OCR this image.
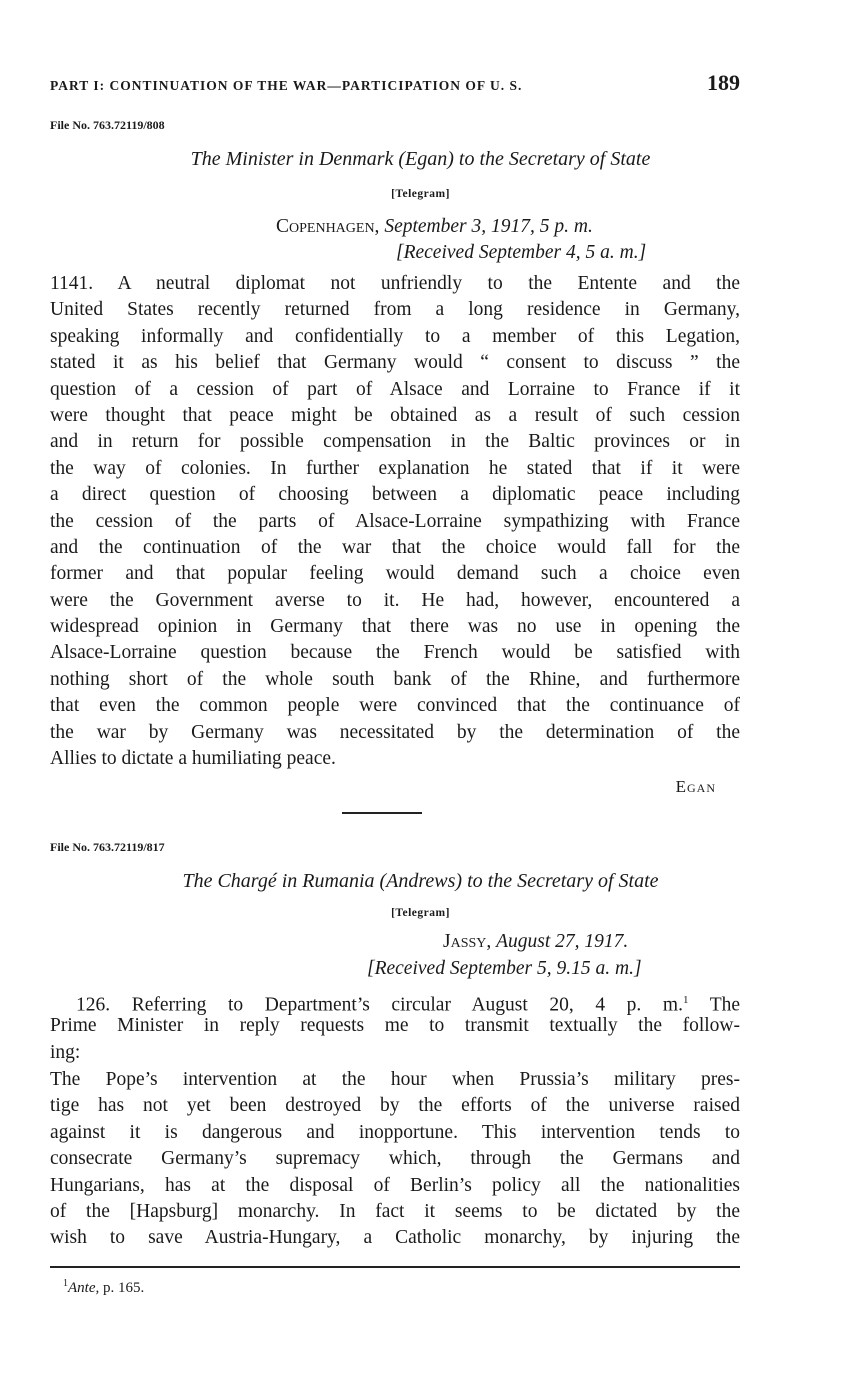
PART I: CONTINUATION OF THE WAR—PARTICIPATION OF U. S.	189
File No. 763.72119/808
The Minister in Denmark (Egan) to the Secretary of State
[Telegram]
Copenhagen, September 3, 1917, 5 p. m.
[Received September 4, 5 a. m.]
1141. A neutral diplomat not unfriendly to the Entente and the
United States recently returned from a long residence in Germany,
speaking informally and confidentially to a member of this Legation,
stated it as his belief that Germany would “ consent to discuss ” the
question of a cession of part of Alsace and Lorraine to France if it
were thought that peace might be obtained as a result of such cession
and in return for possible compensation in the Baltic provinces or in
the way of colonies. In further explanation he stated that if it were
a direct question of choosing between a diplomatic peace including
the cession of the parts of Alsace-Lorraine sympathizing with France
and the continuation of the war that the choice would fall for the
former and that popular feeling would demand such a choice even
were the Government averse to it. He had, however, encountered a
widespread opinion in Germany that there was no use in opening the
Alsace-Lorraine question because the French would be satisfied with
nothing short of the whole south bank of the Rhine, and furthermore
that even the common people were convinced that the continuance of
the war by Germany was necessitated by the determination of the
Allies to dictate a humiliating peace.
Egan
File No. 763.72119/817
The Chargé in Rumania (Andrews) to the Secretary of State
[Telegram]
Jassy, August 27, 1917.
[Received September 5, 9.15 a. m.]
126. Referring to Department’s circular August 20, 4 p. m.$^1$ The
Prime Minister in reply requests me to transmit textually the follow-
ing:
The Pope’s intervention at the hour when Prussia’s military pres-
tige has not yet been destroyed by the efforts of the universe raised
against it is dangerous and inopportune. This intervention tends to
consecrate Germany’s supremacy which, through the Germans and
Hungarians, has at the disposal of Berlin’s policy all the nationalities
of the [Hapsburg] monarchy. In fact it seems to be dictated by the
wish to save Austria-Hungary, a Catholic monarchy, by injuring the
$^1$Ante, p. 165.
